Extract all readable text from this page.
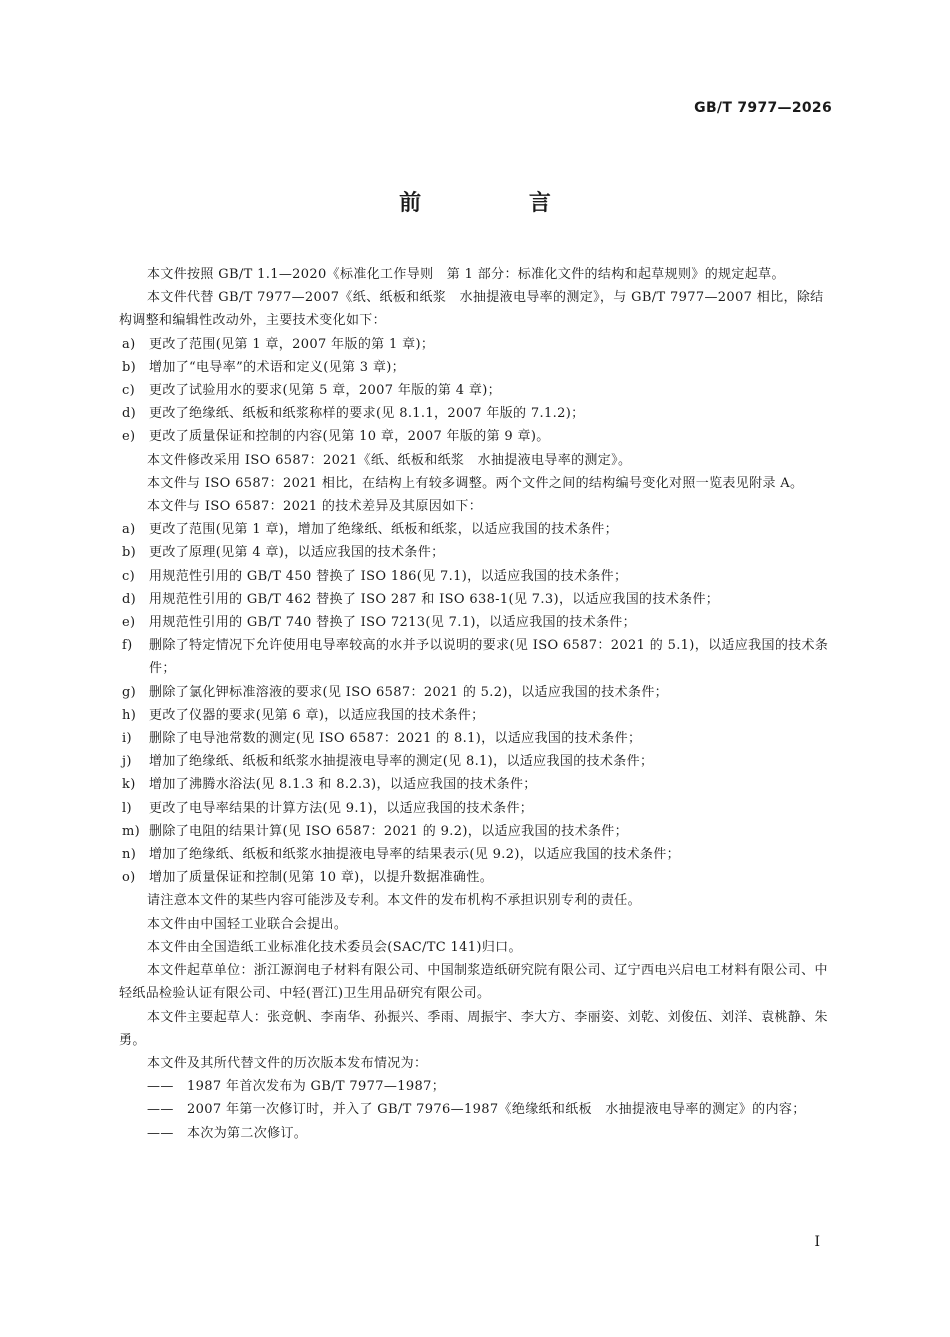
GB/T 7977—2026
前 言

本文件按照 GB/T 1.1—2020《标准化工作导则　第 1 部分：标准化文件的结构和起草规则》的规定起草。

本文件代替 GB/T 7977—2007《纸、纸板和纸浆　水抽提液电导率的测定》，与 GB/T 7977—2007 相比，除结构调整和编辑性改动外，主要技术变化如下：

a)	更改了范围(见第 1 章，2007 年版的第 1 章)；
b) 增加了“电导率”的术语和定义(见第 3 章)；
c)	更改了试验用水的要求(见第 5 章，2007 年版的第 4 章)；
d) 更改了绝缘纸、纸板和纸浆称样的要求(见 8.1.1，2007 年版的 7.1.2)；
e)	更改了质量保证和控制的内容(见第 10 章，2007 年版的第 9 章)。

本文件修改采用 ISO 6587：2021《纸、纸板和纸浆　水抽提液电导率的测定》。

本文件与 ISO 6587：2021 相比，在结构上有较多调整。两个文件之间的结构编号变化对照一览表见附录 A。

本文件与 ISO 6587：2021 的技术差异及其原因如下：

a)	更改了范围(见第 1 章)，增加了绝缘纸、纸板和纸浆，以适应我国的技术条件；
b) 更改了原理(见第 4 章)，以适应我国的技术条件；
c)	用规范性引用的 GB/T 450 替换了 ISO 186(见 7.1)，以适应我国的技术条件；
d) 用规范性引用的 GB/T 462 替换了 ISO 287 和 ISO 638-1(见 7.3)，以适应我国的技术条件；
e)	用规范性引用的 GB/T 740 替换了 ISO 7213(见 7.1)，以适应我国的技术条件；
f)	删除了特定情况下允许使用电导率较高的水并予以说明的要求(见 ISO 6587：2021 的 5.1)，以适应我国的技术条件；
g) 删除了氯化钾标准溶液的要求(见 ISO 6587：2021 的 5.2)，以适应我国的技术条件；
h) 更改了仪器的要求(见第 6 章)，以适应我国的技术条件；
i)	删除了电导池常数的测定(见 ISO 6587：2021 的 8.1)，以适应我国的技术条件；
j)	增加了绝缘纸、纸板和纸浆水抽提液电导率的测定(见 8.1)，以适应我国的技术条件；
k)	增加了沸腾水浴法(见 8.1.3 和 8.2.3)，以适应我国的技术条件；
l)	更改了电导率结果的计算方法(见 9.1)，以适应我国的技术条件；
m) 删除了电阻的结果计算(见 ISO 6587：2021 的 9.2)，以适应我国的技术条件；
n) 增加了绝缘纸、纸板和纸浆水抽提液电导率的结果表示(见 9.2)，以适应我国的技术条件；
o)	增加了质量保证和控制(见第 10 章)，以提升数据准确性。

请注意本文件的某些内容可能涉及专利。本文件的发布机构不承担识别专利的责任。

本文件由中国轻工业联合会提出。

本文件由全国造纸工业标准化技术委员会(SAC/TC 141)归口。

本文件起草单位：浙江源润电子材料有限公司、中国制浆造纸研究院有限公司、辽宁西电兴启电工材料有限公司、中轻纸品检验认证有限公司、中轻(晋江)卫生用品研究有限公司。

本文件主要起草人：张竞帆、李南华、孙振兴、季雨、周振宇、李大方、李丽姿、刘乾、刘俊伍、刘洋、袁桃静、朱勇。

本文件及其所代替文件的历次版本发布情况为：

——	1987 年首次发布为 GB/T 7977—1987；
——	2007 年第一次修订时，并入了 GB/T 7976—1987《绝缘纸和纸板　水抽提液电导率的测定》的内容；
——	本次为第二次修订。
I
